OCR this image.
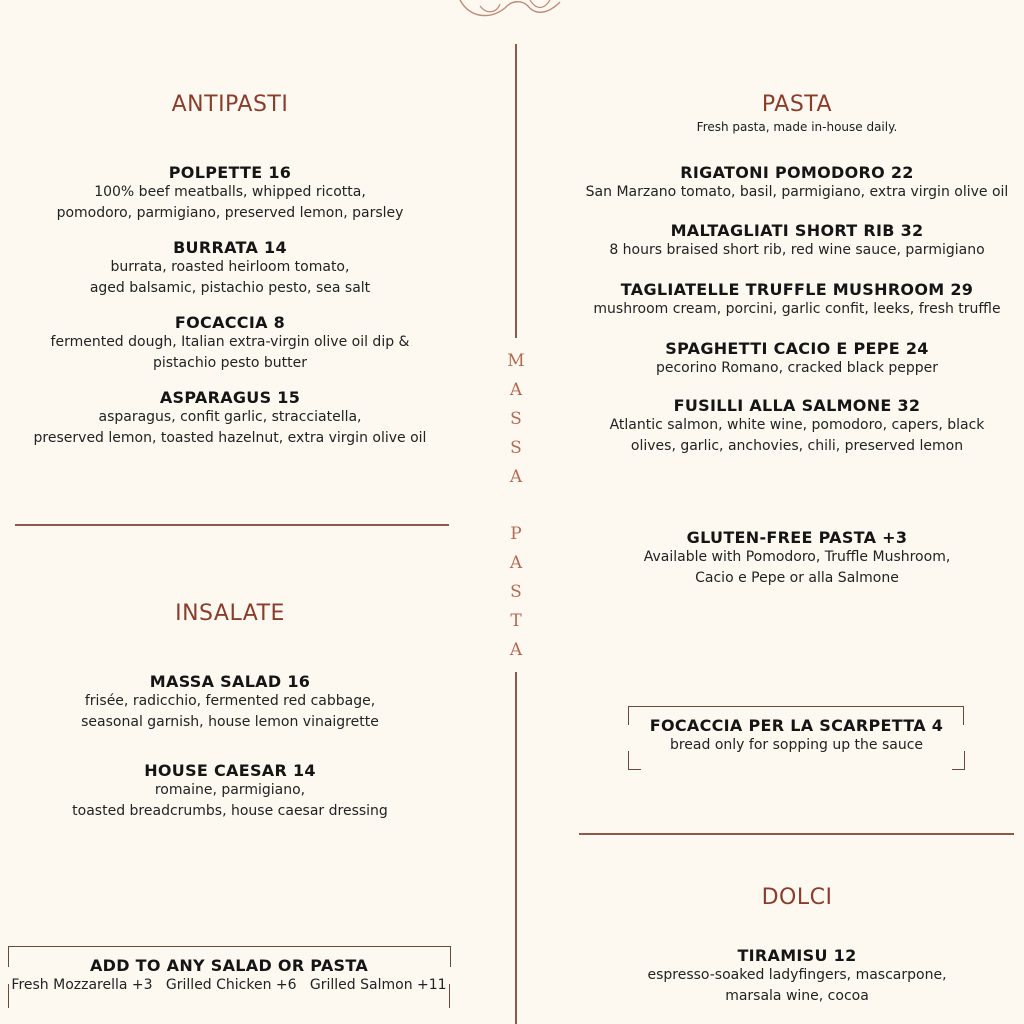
M
A
S
S
A
P
A
S
T
A
ANTIPASTI
POLPETTE 16
100% beef meatballs, whipped ricotta,
pomodoro, parmigiano, preserved lemon, parsley
BURRATA 14
burrata, roasted heirloom tomato,
aged balsamic, pistachio pesto, sea salt
FOCACCIA 8
fermented dough, Italian extra-virgin olive oil dip &
pistachio pesto butter
ASPARAGUS 15
asparagus, confit garlic, stracciatella,
preserved lemon, toasted hazelnut, extra virgin olive oil
INSALATE
MASSA SALAD 16
frisée, radicchio, fermented red cabbage,
seasonal garnish, house lemon vinaigrette
HOUSE CAESAR 14
romaine, parmigiano,
toasted breadcrumbs, house caesar dressing
ADD TO ANY SALAD OR PASTA
Fresh Mozzarella +3   Grilled Chicken +6   Grilled Salmon +11
PASTA
Fresh pasta, made in-house daily.
RIGATONI POMODORO 22
San Marzano tomato, basil, parmigiano, extra virgin olive oil
MALTAGLIATI SHORT RIB 32
8 hours braised short rib, red wine sauce, parmigiano
TAGLIATELLE TRUFFLE MUSHROOM 29
mushroom cream, porcini, garlic confit, leeks, fresh truffle
SPAGHETTI CACIO E PEPE 24
pecorino Romano, cracked black pepper
FUSILLI ALLA SALMONE 32
Atlantic salmon, white wine, pomodoro, capers, black
olives, garlic, anchovies, chili, preserved lemon
GLUTEN-FREE PASTA +3
Available with Pomodoro, Truffle Mushroom,
Cacio e Pepe or alla Salmone
FOCACCIA PER LA SCARPETTA 4
bread only for sopping up the sauce
DOLCI
TIRAMISU 12
espresso-soaked ladyfingers, mascarpone,
marsala wine, cocoa
